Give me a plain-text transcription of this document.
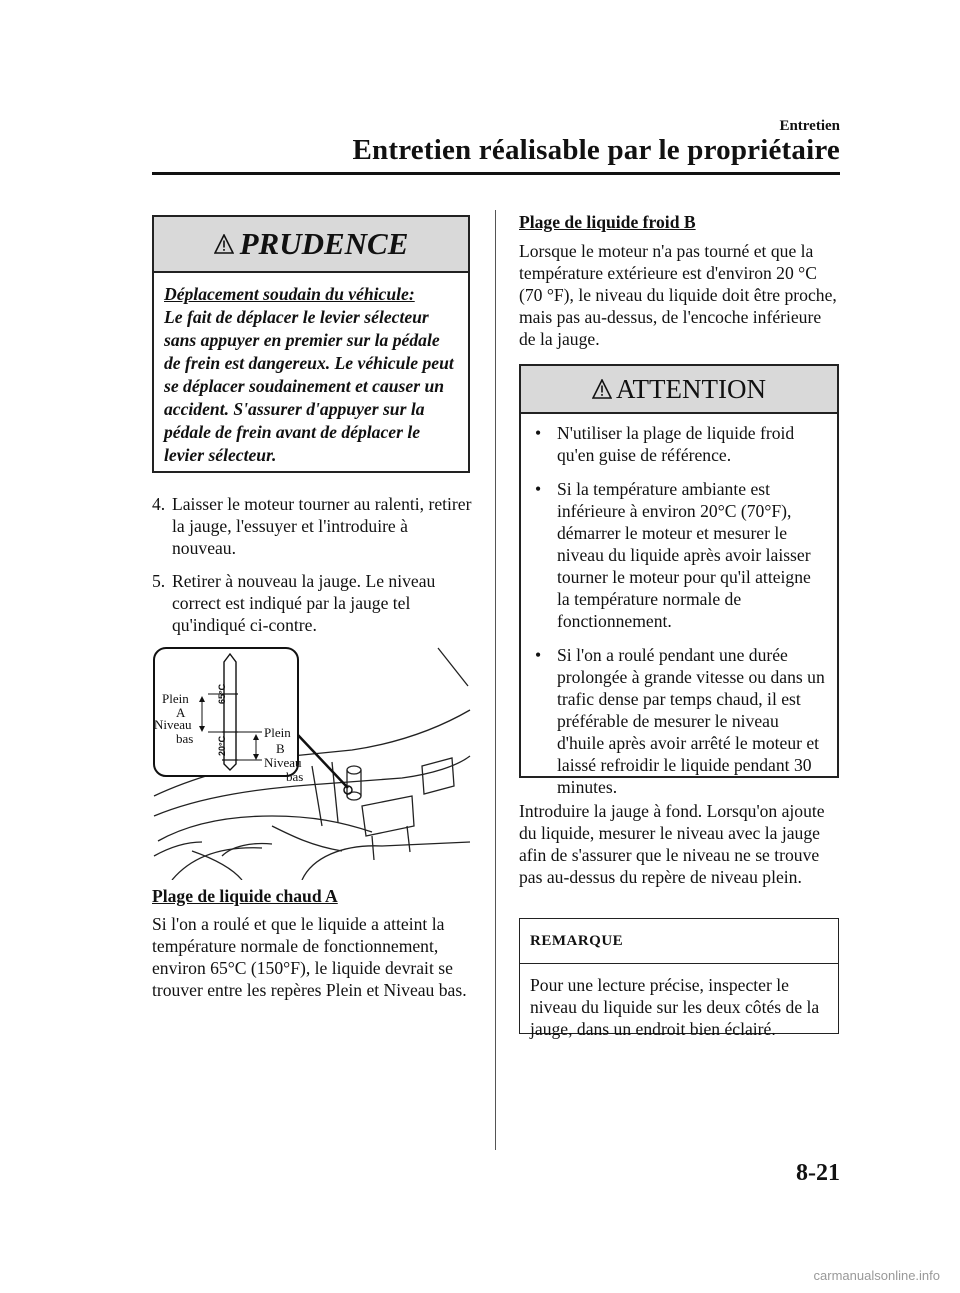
Entretien
Entretien réalisable par le propriétaire
PRUDENCE
Déplacement soudain du véhicule:
Le fait de déplacer le levier sélecteur sans appuyer en premier sur la pédale de frein est dangereux. Le véhicule peut se déplacer soudainement et causer un accident. S'assurer d'appuyer sur la pédale de frein avant de déplacer le levier sélecteur.
4. Laisser le moteur tourner au ralenti, retirer la jauge, l'essuyer et l'introduire à nouveau.
5. Retirer à nouveau la jauge. Le niveau correct est indiqué par la jauge tel qu'indiqué ci-contre.
Plein
A
Niveau
bas
65°C
20°C
Plein
B
Niveau
bas
Plage de liquide chaud A
Si l'on a roulé et que le liquide a atteint la température normale de fonctionnement, environ 65°C (150°F), le liquide devrait se trouver entre les repères Plein et Niveau bas.
Plage de liquide froid B
Lorsque le moteur n'a pas tourné et que la température extérieure est d'environ 20 °C (70 °F), le niveau du liquide doit être proche, mais pas au-dessus, de l'encoche inférieure de la jauge.
ATTENTION
• N'utiliser la plage de liquide froid qu'en guise de référence.
• Si la température ambiante est inférieure à environ 20°C (70°F), démarrer le moteur et mesurer le niveau du liquide après avoir laisser tourner le moteur pour qu'il atteigne la température normale de fonctionnement.
• Si l'on a roulé pendant une durée prolongée à grande vitesse ou dans un trafic dense par temps chaud, il est préférable de mesurer le niveau d'huile après avoir arrêté le moteur et laissé refroidir le liquide pendant 30 minutes.
Introduire la jauge à fond. Lorsqu'on ajoute du liquide, mesurer le niveau avec la jauge afin de s'assurer que le niveau ne se trouve pas au-dessus du repère de niveau plein.
REMARQUE
Pour une lecture précise, inspecter le niveau du liquide sur les deux côtés de la jauge, dans un endroit bien éclairé.
8-21
carmanualsonline.info
